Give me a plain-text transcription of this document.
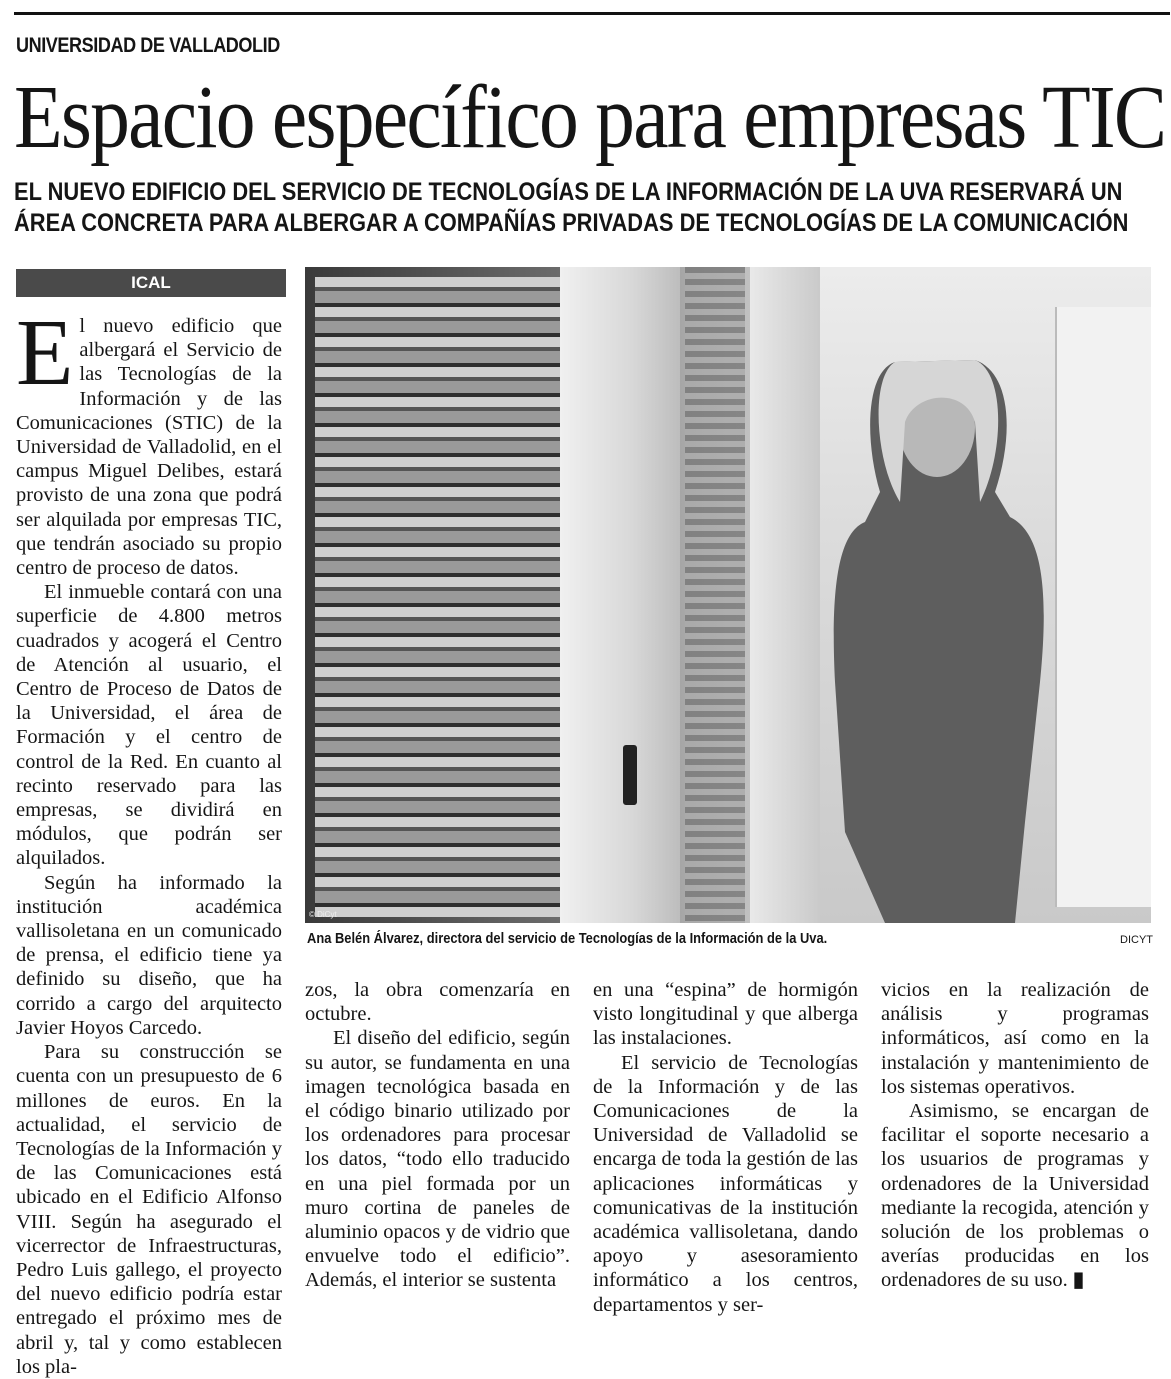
UNIVERSIDAD DE VALLADOLID
Espacio específico para empresas TIC
EL NUEVO EDIFICIO DEL SERVICIO DE TECNOLOGÍAS DE LA INFORMACIÓN DE LA UVA RESERVARÁ UN ÁREA CONCRETA PARA ALBERGAR A COMPAÑÍAS PRIVADAS DE TECNOLOGÍAS DE LA COMUNICACIÓN
ICAL

El nuevo edificio que albergará el Servicio de las Tecnologías de la Información y de las Comunicaciones (STIC) de la Universidad de Valladolid, en el campus Miguel Delibes, estará provisto de una zona que podrá ser alquilada por empresas TIC, que tendrán asociado su propio centro de proceso de datos.

El inmueble contará con una superficie de 4.800 metros cuadrados y acogerá el Centro de Atención al usuario, el Centro de Proceso de Datos de la Universidad, el área de Formación y el centro de control de la Red. En cuanto al recinto reservado para las empresas, se dividirá en módulos, que podrán ser alquilados.

Según ha informado la institución académica vallisoletana en un comunicado de prensa, el edificio tiene ya definido su diseño, que ha corrido a cargo del arquitecto Javier Hoyos Carcedo.

Para su construcción se cuenta con un presupuesto de 6 millones de euros. En la actualidad, el servicio de Tecnologías de la Información y de las Comunicaciones está ubicado en el Edificio Alfonso VIII. Según ha asegurado el vicerrector de Infraestructuras, Pedro Luis gallego, el proyecto del nuevo edificio podría estar entregado el próximo mes de abril y, tal y como establecen los pla-

© DiCyt

Ana Belén Álvarez, directora del servicio de Tecnologías de la Información de la Uva.	DICYT

zos, la obra comenzaría en octubre.

El diseño del edificio, según su autor, se fundamenta en una imagen tecnológica basada en el código binario utilizado por los ordenadores para procesar los datos, “todo ello traducido en una piel formada por un muro cortina de paneles de aluminio opacos y de vidrio que envuelve todo el edificio”. Además, el interior se sustenta

en una “espina” de hormigón visto longitudinal y que alberga las instalaciones.

El servicio de Tecnologías de la Información y de las Comunicaciones de la Universidad de Valladolid se encarga de toda la gestión de las aplicaciones informáticas y comunicativas de la institución académica vallisoletana, dando apoyo y asesoramiento informático a los centros, departamentos y ser-

vicios en la realización de análisis y programas informáticos, así como en la instalación y mantenimiento de los sistemas operativos.

Asimismo, se encargan de facilitar el soporte necesario a los usuarios de programas y ordenadores de la Universidad mediante la recogida, atención y solución de los problemas o averías producidas en los ordenadores de su uso. ▮
